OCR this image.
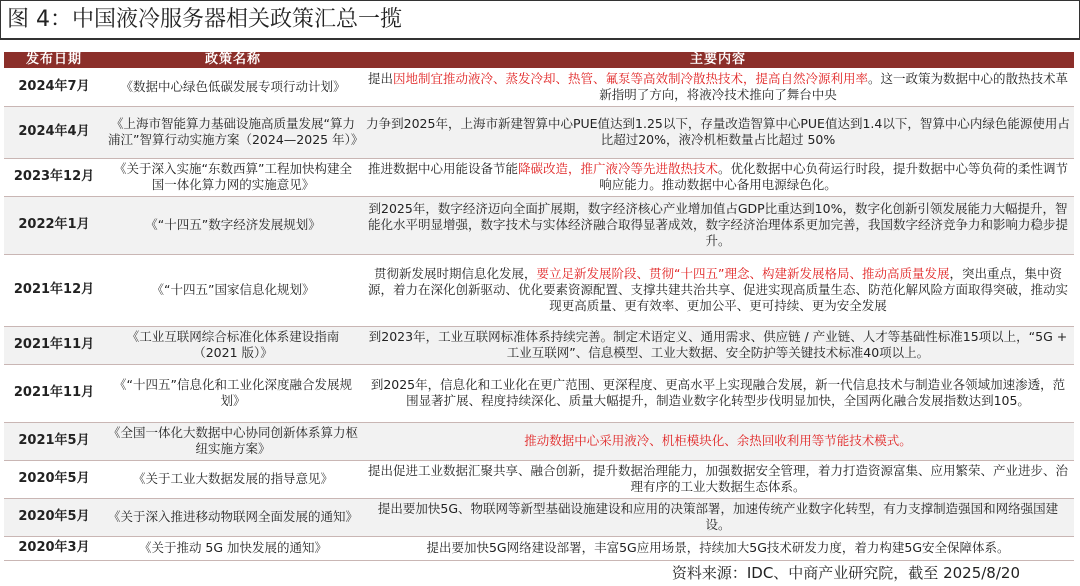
图 4：中国液冷服务器相关政策汇总一揽
发布日期	政策名称	主要内容
2024年7月	《数据中心绿色低碳发展专项行动计划》	提出因地制宜推动液冷、蒸发冷却、热管、氟泵等高效制冷散热技术，提高自然冷源利用率。这一政策为数据中心的散热技术革新指明了方向，将液冷技术推向了舞台中央
2024年4月	《上海市智能算力基础设施高质量发展“算力浦江”智算行动实施方案（2024—2025 年）》	力争到2025年，上海市新建智算中心PUE值达到1.25以下，存量改造智算中心PUE值达到1.4以下，智算中心内绿色能源使用占比超过20%，液冷机柜数量占比超过 50%
2023年12月	《关于深入实施“东数西算”工程加快构建全国一体化算力网的实施意见》	推进数据中心用能设备节能降碳改造，推广液冷等先进散热技术。优化数据中心负荷运行时段，提升数据中心等负荷的柔性调节响应能力。推动数据中心备用电源绿色化。
2022年1月	《“十四五”数字经济发展规划》	到2025年，数字经济迈向全面扩展期，数字经济核心产业增加值占GDP比重达到10%，数字化创新引领发展能力大幅提升，智能化水平明显增强，数字技术与实体经济融合取得显著成效，数字经济治理体系更加完善，我国数字经济竞争力和影响力稳步提升。
2021年12月	《“十四五”国家信息化规划》	贯彻新发展时期信息化发展，要立足新发展阶段、贯彻“十四五”理念、构建新发展格局、推动高质量发展，突出重点，集中资源，着力在深化创新驱动、优化要素资源配置、支撑共建共治共享、促进实现高质量生态、防范化解风险方面取得突破，推动实现更高质量、更有效率、更加公平、更可持续、更为安全发展
2021年11月	《工业互联网综合标准化体系建设指南（2021 版）》	到2023年，工业互联网标准体系持续完善。制定术语定义、通用需求、供应链 / 产业链、人才等基础性标准15项以上，“5G + 工业互联网”、信息模型、工业大数据、安全防护等关键技术标准40项以上。
2021年11月	《“十四五”信息化和工业化深度融合发展规划》	到2025年，信息化和工业化在更广范围、更深程度、更高水平上实现融合发展，新一代信息技术与制造业各领域加速渗透，范围显著扩展、程度持续深化、质量大幅提升，制造业数字化转型步伐明显加快，全国两化融合发展指数达到105。
2021年5月	《全国一体化大数据中心协同创新体系算力枢纽实施方案》	推动数据中心采用液冷、机柜模块化、余热回收利用等节能技术模式。
2020年5月	《关于工业大数据发展的指导意见》	提出促进工业数据汇聚共享、融合创新，提升数据治理能力，加强数据安全管理，着力打造资源富集、应用繁荣、产业进步、治理有序的工业大数据生态体系。
2020年5月	《关于深入推进移动物联网全面发展的通知》	提出要加快5G、物联网等新型基础设施建设和应用的决策部署，加速传统产业数字化转型，有力支撑制造强国和网络强国建设。
2020年3月	《关于推动 5G 加快发展的通知》	提出要加快5G网络建设部署，丰富5G应用场景，持续加大5G技术研发力度，着力构建5G安全保障体系。
资料来源：IDC、中商产业研究院，截至 2025/8/20
